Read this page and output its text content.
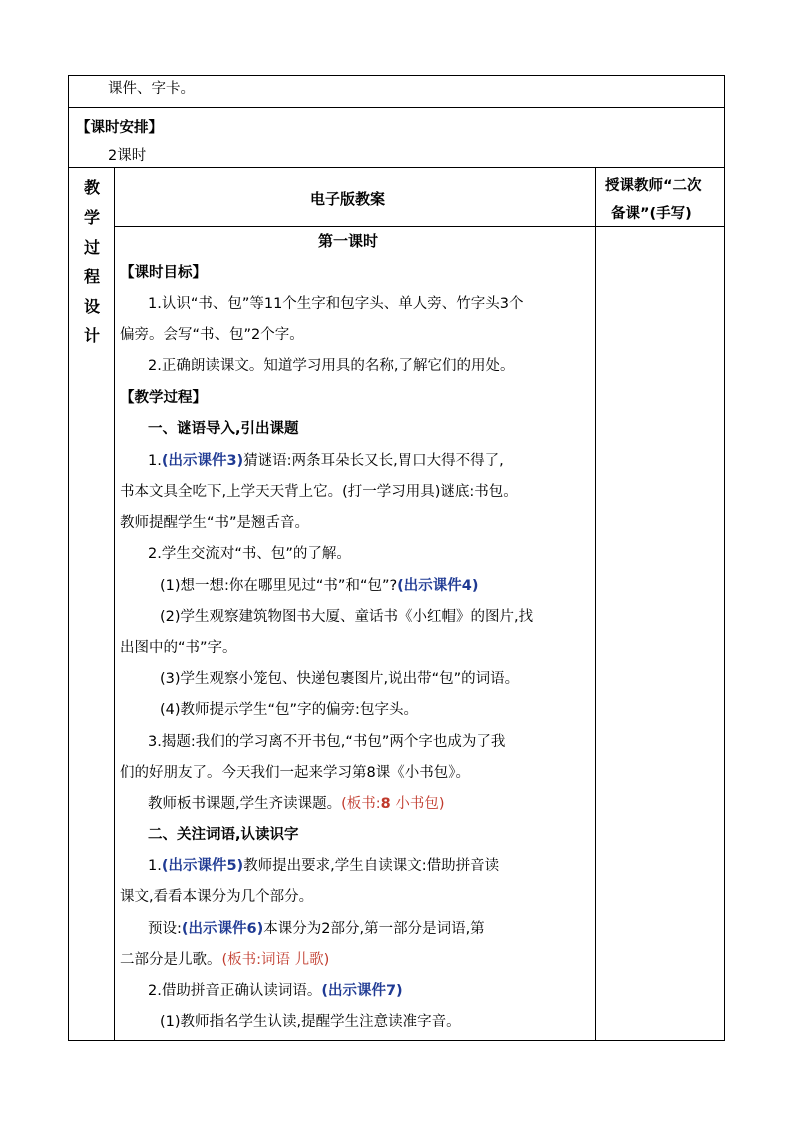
课件、字卡。
【课时安排】
2课时
教
学
过
程
设
计
电子版教案
授课教师“二次
备课”(手写)
第一课时
【课时目标】
1.认识“书、包”等11个生字和包字头、单人旁、竹字头3个
偏旁。会写“书、包”2个字。
2.正确朗读课文。知道学习用具的名称,了解它们的用处。
【教学过程】
一、谜语导入,引出课题
1.(出示课件3)猜谜语:两条耳朵长又长,胃口大得不得了,
书本文具全吃下,上学天天背上它。(打一学习用具)谜底:书包。
教师提醒学生“书”是翘舌音。
2.学生交流对“书、包”的了解。
(1)想一想:你在哪里见过“书”和“包”?(出示课件4)
(2)学生观察建筑物图书大厦、童话书《小红帽》的图片,找
出图中的“书”字。
(3)学生观察小笼包、快递包裹图片,说出带“包”的词语。
(4)教师提示学生“包”字的偏旁:包字头。
3.揭题:我们的学习离不开书包,“书包”两个字也成为了我
们的好朋友了。今天我们一起来学习第8课《小书包》。
教师板书课题,学生齐读课题。(板书:8 小书包)
二、关注词语,认读识字
1.(出示课件5)教师提出要求,学生自读课文:借助拼音读
课文,看看本课分为几个部分。
预设:(出示课件6)本课分为2部分,第一部分是词语,第
二部分是儿歌。(板书:词语 儿歌)
2.借助拼音正确认读词语。(出示课件7)
(1)教师指名学生认读,提醒学生注意读准字音。
